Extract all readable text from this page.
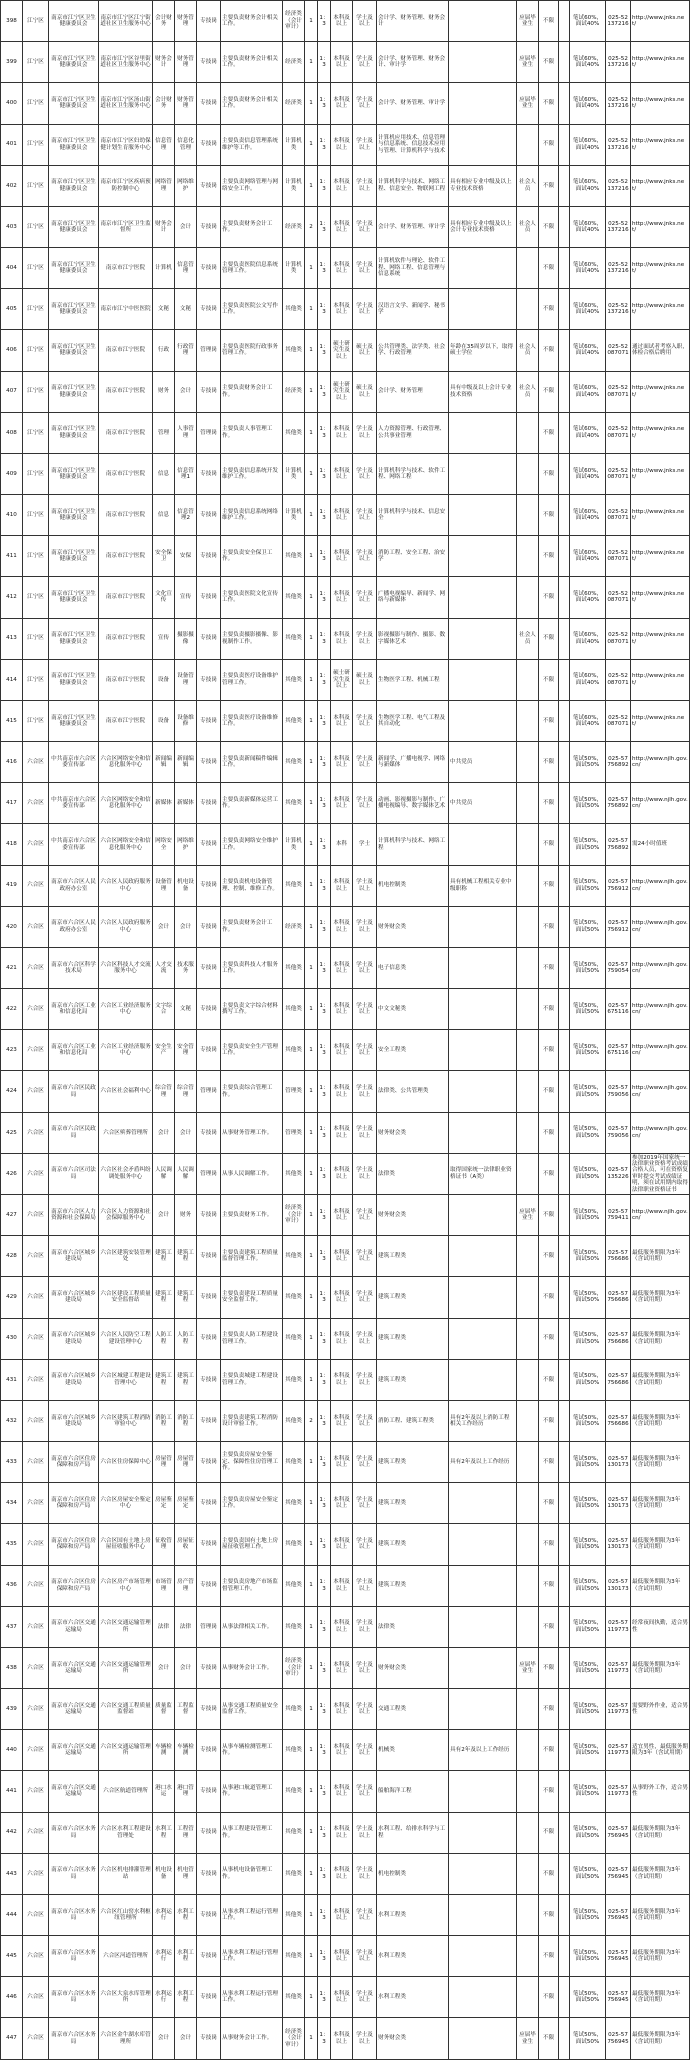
398	江宁区	南京市江宁区卫生健康委员会	南京市江宁区江宁街道社区卫生服务中心	会计财务	财务管理	专技岗	主要负责财务会计相关工作。	经济类（会计审计）	1	1：3	本科及以上	学士及以上	会计学、财务管理、财务会计		应届毕业生	不限		笔试60%，面试40%	025-52137216	http://www.jnks.net/
399	江宁区	南京市江宁区卫生健康委员会	南京市江宁区谷里街道社区卫生服务中心	财务会计	财务管理	专技岗	主要负责财务会计相关工作。	经济类	1	1：3	本科及以上	学士及以上	会计学、财务管理、财务会计、审计学		应届毕业生	不限		笔试60%，面试40%	025-52137216	http://www.jnks.net/
400	江宁区	南京市江宁区卫生健康委员会	南京市江宁区汤山街道社区卫生服务中心	会计财务	财务管理	专技岗	主要负责财务会计相关工作。	经济类	1	1：3	本科及以上	学士及以上	会计学、财务管理、审计学		应届毕业生	不限		笔试60%，面试40%	025-52137216	http://www.jnks.net/
401	江宁区	南京市江宁区卫生健康委员会	南京市江宁区妇幼保健计划生育服务中心	信息管理	信息化管理	专技岗	主要负责信息管理系统维护等工作。	计算机类	1	1：3	本科及以上	学士及以上	计算机应用技术、信息管理与信息系统、信息技术应用与管理、计算机科学与技术			不限		笔试60%，面试40%	025-52137216	http://www.jnks.net/
402	江宁区	南京市江宁区卫生健康委员会	南京市江宁区疾病预防控制中心	网络管理	网络维护	专技岗	主要负责网络管理与网络安全工作。	计算机类	1	1：3	本科及以上	学士及以上	计算机科学与技术、网络工程、信息安全、物联网工程	具有相应专业中级及以上专业技术资格	社会人员	不限		笔试60%，面试40%	025-52137216	http://www.jnks.net/
403	江宁区	南京市江宁区卫生健康委员会	南京市江宁区卫生监督所	财务会计	会计	专技岗	主要负责财务会计工作。	经济类	2	1：3	本科及以上	学士及以上	会计学、财务管理、审计学	具有相应专业中级及以上会计专业技术资格	社会人员	不限		笔试60%，面试40%	025-52137216	http://www.jnks.net/
404	江宁区	南京市江宁区卫生健康委员会	南京市江宁医院	计算机	信息管理	专技岗	主要负责医院信息系统管理工作。	计算机类	1	1：3	本科及以上	学士及以上	计算机软件与理论、软件工程、网络工程、信息管理与信息系统			不限		笔试60%，面试40%	025-52137216	http://www.jnks.net/
405	江宁区	南京市江宁区卫生健康委员会	南京市江宁中医医院	文秘	文秘	专技岗	主要负责医院公文写作工作。	其他类	1	1：3	本科及以上	学士及以上	汉语言文学、新闻学、秘书学			不限		笔试60%，面试40%	025-52137216	http://www.jnks.net/
406	江宁区	南京市江宁区卫生健康委员会	南京市江宁医院	行政	行政管理	管理岗	主要负责医院行政事务管理工作。	其他类	1	1：3	硕士研究生及以上	硕士及以上	公共管理类、法学类、社会学、行政管理	年龄在35周岁以下，取得硕士学位	社会人员	不限		笔试60%，面试40%	025-52087071	通过面试者考察入职，体检合格后聘用
407	江宁区	南京市江宁区卫生健康委员会	南京市江宁医院	财务	会计	专技岗	主要负责财务会计工作。	经济类	1	1：3	硕士研究生及以上	硕士及以上	会计学、财务管理	具有中级及以上会计专业技术资格	社会人员	不限		笔试60%，面试40%	025-52087071	http://www.jnks.net/
408	江宁区	南京市江宁区卫生健康委员会	南京市江宁医院	管理	人事管理	管理岗	主要负责人事管理工作。	其他类	1	1：3	本科及以上	学士及以上	人力资源管理、行政管理、公共事业管理			不限		笔试60%，面试40%	025-52087071	http://www.jnks.net/
409	江宁区	南京市江宁区卫生健康委员会	南京市江宁医院	信息	信息管理1	专技岗	主要负责信息系统开发维护工作。	计算机类	1	1：3	本科及以上	学士及以上	计算机科学与技术、软件工程、网络工程			不限		笔试60%，面试40%	025-52087071	http://www.jnks.net/
410	江宁区	南京市江宁区卫生健康委员会	南京市江宁医院	信息	信息管理2	专技岗	主要负责信息系统网络维护工作。	计算机类	1	1：3	本科及以上	学士及以上	计算机科学与技术、信息安全			不限		笔试60%，面试40%	025-52087071	http://www.jnks.net/
411	江宁区	南京市江宁区卫生健康委员会	南京市江宁医院	安全保卫	安保	专技岗	主要负责安全保卫工作。	其他类	1	1：3	本科及以上	学士及以上	消防工程、安全工程、治安学			不限		笔试60%，面试40%	025-52087071	http://www.jnks.net/
412	江宁区	南京市江宁区卫生健康委员会	南京市江宁医院	文化宣传	宣传	专技岗	主要负责医院文化宣传工作。	其他类	1	1：3	本科及以上	学士及以上	广播电视编导、新闻学、网络与新媒体			不限		笔试60%，面试40%	025-52087071	http://www.jnks.net/
413	江宁区	南京市江宁区卫生健康委员会	南京市江宁医院	宣传	摄影摄像	专技岗	主要负责摄影摄像、影视制作工作。	其他类	1	1：3	本科及以上	学士及以上	影视摄影与制作、摄影、数字媒体艺术		社会人员	不限		笔试60%，面试40%	025-52087071	http://www.jnks.net/
414	江宁区	南京市江宁区卫生健康委员会	南京市江宁医院	设备	设备管理	专技岗	主要负责医疗设备维护管理工作。	其他类	1	1：3	硕士研究生及以上	硕士及以上	生物医学工程、机械工程			不限		笔试60%，面试40%	025-52087071	http://www.jnks.net/
415	江宁区	南京市江宁区卫生健康委员会	南京市江宁医院	设备	设备维修	专技岗	主要负责医疗设备维修工作。	其他类	1	1：3	本科及以上	学士及以上	生物医学工程、电气工程及其自动化			不限		笔试60%，面试40%	025-52087071	http://www.jnks.net/
416	六合区	中共南京市六合区委宣传部	六合区网络安全和信息化服务中心	新闻编辑	新闻编辑	专技岗	主要负责新闻稿件编辑工作。	其他类	1	1：3	本科及以上	学士及以上	新闻学、广播电视学、网络与新媒体	中共党员		不限		笔试50%，面试50%	025-57756892	http://www.njlh.gov.cn/
417	六合区	中共南京市六合区委宣传部	六合区网络安全和信息化服务中心	新媒体	新媒体	专技岗	主要负责新媒体运营工作。	其他类	1	1：3	本科及以上	学士及以上	动画、影视摄影与制作、广播电视编导、数字媒体艺术	中共党员		不限		笔试50%，面试50%	025-57756892	http://www.njlh.gov.cn/
418	六合区	中共南京市六合区委宣传部	六合区网络安全和信息化服务中心	网络安全	网络维护	专技岗	主要负责网络安全维护工作。	计算机类	1	1：3	本科	学士	计算机科学与技术、网络工程			不限		笔试50%，面试50%	025-57756892	需24小时值班
419	六合区	南京市六合区人民政府办公室	六合区人民政府服务中心	设备管理	机电设备	专技岗	主要负责机电设备管理、控制、维修工作。	其他类	1	1：3	本科及以上	学士及以上	机电控制类	具有机械工程相关专业中级职称		不限		笔试50%，面试50%	025-57756912	http://www.njlh.gov.cn/
420	六合区	南京市六合区人民政府办公室	六合区人民政府服务中心	会计	会计	专技岗	主要负责财务会计工作。	经济类	1	1：3	本科及以上	学士及以上	财务财会类			不限		笔试50%，面试50%	025-57756912	http://www.njlh.gov.cn/
421	六合区	南京市六合区科学技术局	六合区科技人才交流服务中心	人才交流	技术服务	专技岗	主要负责科技人才服务工作。	其他类	1	1：3	本科及以上	学士及以上	电子信息类			不限		笔试50%，面试50%	025-57759054	http://www.njlh.gov.cn/
422	六合区	南京市六合区工业和信息化局	六合区工业经济服务中心	文字综合	文秘	专技岗	主要负责文字综合材料撰写工作。	其他类	1	1：3	本科及以上	学士及以上	中文文秘类			不限		笔试50%，面试50%	025-57675116	http://www.njlh.gov.cn/
423	六合区	南京市六合区工业和信息化局	六合区工业经济服务中心	安全生产	安全管理	专技岗	主要负责安全生产管理工作。	其他类	1	1：3	本科及以上	学士及以上	安全工程类			不限		笔试50%，面试50%	025-57675116	http://www.njlh.gov.cn/
424	六合区	南京市六合区民政局	六合区社会福利中心	综合管理	综合管理	管理岗	主要负责综合管理工作。	管理类	1	1：3	本科及以上	学士及以上	法律类、公共管理类			不限		笔试50%，面试50%	025-57759056	http://www.njlh.gov.cn/
425	六合区	南京市六合区民政局	六合区殡葬管理所	会计	会计	专技岗	从事财务管理工作。	管理类	1	1：3	本科及以上	学士及以上	财务财会类			不限		笔试50%，面试50%	025-57759056	http://www.njlh.gov.cn/
426	六合区	南京市六合区司法局	六合区社会矛盾纠纷调处服务中心	人民调解	人民调解	管理岗	从事人民调解工作。	其他类	1	1：3	本科及以上	学士及以上	法律类	取得国家统一法律职业资格证书（A类）		不限		笔试50%，面试50%	025-57135226	参加2019年国家统一法律职业资格考试成绩合格人员，可在资格复审时提交考试成绩证明，须在试用期内取得法律职业资格证书
427	六合区	南京市六合区人力资源和社会保障局	六合区人力资源和社会保障服务中心	会计	财务	专技岗	主要负责财务工作。	经济类（会计审计）	1	1：3	本科及以上	学士及以上	财务财会类		应届毕业生	不限		笔试50%，面试50%	025-57759411	http://www.njlh.gov.cn/
428	六合区	南京市六合区城乡建设局	六合区建筑安装管理处	建筑工程	建筑工程	专技岗	主要负责建筑工程质量监督管理工作。	其他类	1	1：3	本科及以上	学士及以上	建筑工程类			不限		笔试50%，面试50%	025-57756686	最低服务期限为3年（含试用期）
429	六合区	南京市六合区城乡建设局	六合区建设工程质量安全监督站	建筑工程	建筑工程	专技岗	主要负责建设工程质量安全监督工作。	其他类	1	1：3	本科及以上	学士及以上	建筑工程类			不限		笔试50%，面试50%	025-57756686	最低服务期限为3年（含试用期）
430	六合区	南京市六合区城乡建设局	六合区人民防空工程建设管理中心	人防工程	人防工程	专技岗	主要负责人防工程建设管理工作。	其他类	1	1：3	本科及以上	学士及以上	建筑工程类			不限		笔试50%，面试50%	025-57756686	最低服务期限为3年（含试用期）
431	六合区	南京市六合区城乡建设局	六合区城建工程建设管理中心	建筑工程	建筑工程	专技岗	主要负责城建工程建设管理工作。	其他类	1	1：3	本科及以上	学士及以上	建筑工程类			不限		笔试50%，面试50%	025-57756686	最低服务期限为3年（含试用期）
432	六合区	南京市六合区城乡建设局	六合区建筑工程消防审验中心	消防工程	消防工程	专技岗	主要负责建筑工程消防设计审验工作。	其他类	2	1：3	本科及以上	学士及以上	消防工程、建筑工程类	具有2年及以上消防工程相关工作经历		不限		笔试50%，面试50%	025-57756686	最低服务期限为3年（含试用期）
433	六合区	南京市六合区住房保障和房产局	六合区住房保障中心	房屋管理	房屋管理	专技岗	主要负责房屋安全鉴定、保障性住房管理工作。	其他类	1	1：3	本科及以上	学士及以上	建筑工程类	具有2年及以上工作经历		不限		笔试50%，面试50%	025-57130173	最低服务期限为3年（含试用期）
434	六合区	南京市六合区住房保障和房产局	六合区房屋安全鉴定中心	房屋鉴定	房屋鉴定	专技岗	主要负责房屋安全鉴定工作。	其他类	1	1：3	本科及以上	学士及以上	建筑工程类			不限		笔试50%，面试50%	025-57130173	最低服务期限为3年（含试用期）
435	六合区	南京市六合区住房保障和房产局	六合区国有土地上房屋征收服务中心	征收管理	房屋征收	专技岗	主要负责国有土地上房屋征收管理工作。	其他类	1	1：3	本科及以上	学士及以上	建筑工程类			不限		笔试50%，面试50%	025-57130173	最低服务期限为3年（含试用期）
436	六合区	南京市六合区住房保障和房产局	六合区房产市场管理中心	市场管理	房产管理	专技岗	主要负责房地产市场监督管理工作。	其他类	1	1：3	本科及以上	学士及以上	建筑工程类			不限		笔试50%，面试50%	025-57130173	最低服务期限为3年（含试用期）
437	六合区	南京市六合区交通运输局	六合区交通运输管理所	法律	法律	管理岗	从事法律相关工作。	其他类	1	1：3	本科及以上	学士及以上	法律类			不限		笔试50%，面试50%	025-57119773	经常夜间执勤，适合男性
438	六合区	南京市六合区交通运输局	六合区交通运输管理所	会计	会计	专技岗	从事财务会计工作。	经济类（会计审计）	1	1：3	本科及以上	学士及以上	财务财会类		应届毕业生	不限		笔试50%，面试50%	025-57119773	最低服务期限为3年（含试用期）
439	六合区	南京市六合区交通运输局	六合区交通工程质量监督站	质量监督	工程监督	专技岗	从事交通工程质量安全监督工作。	其他类	1	1：3	本科及以上	学士及以上	交通工程类			不限		笔试50%，面试50%	025-57119773	需要野外作业，适合男性
440	六合区	南京市六合区交通运输局	六合区交通运输管理所	车辆检测	车辆检测	专技岗	从事车辆检测管理工作。	其他类	1	1：3	本科及以上	学士及以上	机械类	具有2年及以上工作经历		不限		笔试50%，面试50%	025-57119773	适宜男性，最低服务期限为3年（含试用期）
441	六合区	南京市六合区交通运输局	六合区航道管理所	港口水运	港口管理	专技岗	从事港口航道管理工作。	其他类	1	1：3	本科及以上	学士及以上	船舶海洋工程			不限		笔试50%，面试50%	025-57119773	从事野外工作，适合男性
442	六合区	南京市六合区水务局	六合区水利工程建设管理处	水利工程	工程管理	专技岗	从事工程建设管理工作。	其他类	1	1：3	本科及以上	学士及以上	水利工程、给排水科学与工程			不限		笔试50%，面试50%	025-57756945	最低服务期限为3年（含试用期）
443	六合区	南京市六合区水务局	六合区机电排灌管理站	机电设备	机电管理	专技岗	从事机电设备管理工作。	其他类	1	1：3	本科及以上	学士及以上	机电控制类			不限		笔试50%，面试50%	025-57756945	最低服务期限为3年（含试用期）
444	六合区	南京市六合区水务局	六合区红山窑水利枢纽管理所	水利运行	水利工程	专技岗	从事水利工程运行管理工作。	其他类	1	1：3	本科及以上	学士及以上	水利工程类			不限		笔试50%，面试50%	025-57756945	最低服务期限为3年（含试用期）
445	六合区	南京市六合区水务局	六合区河道管理所	水利运行	水利工程	专技岗	从事水利工程运行管理工作。	其他类	1	1：3	本科及以上	学士及以上	水利工程类			不限		笔试50%，面试50%	025-57756945	最低服务期限为3年（含试用期）
446	六合区	南京市六合区水务局	六合区大泉水库管理所	水利运行	水利工程	专技岗	从事水利工程运行管理工作。	其他类	1	1：3	本科及以上	学士及以上	水利工程类			不限		笔试50%，面试50%	025-57756945	最低服务期限为3年（含试用期）
447	六合区	南京市六合区水务局	六合区金牛湖水库管理所	会计	会计	专技岗	从事财务会计工作。	经济类（会计审计）	1	1：3	本科及以上	学士及以上	财务财会类		应届毕业生	不限		笔试50%，面试50%	025-57756945	最低服务期限为3年（含试用期）
